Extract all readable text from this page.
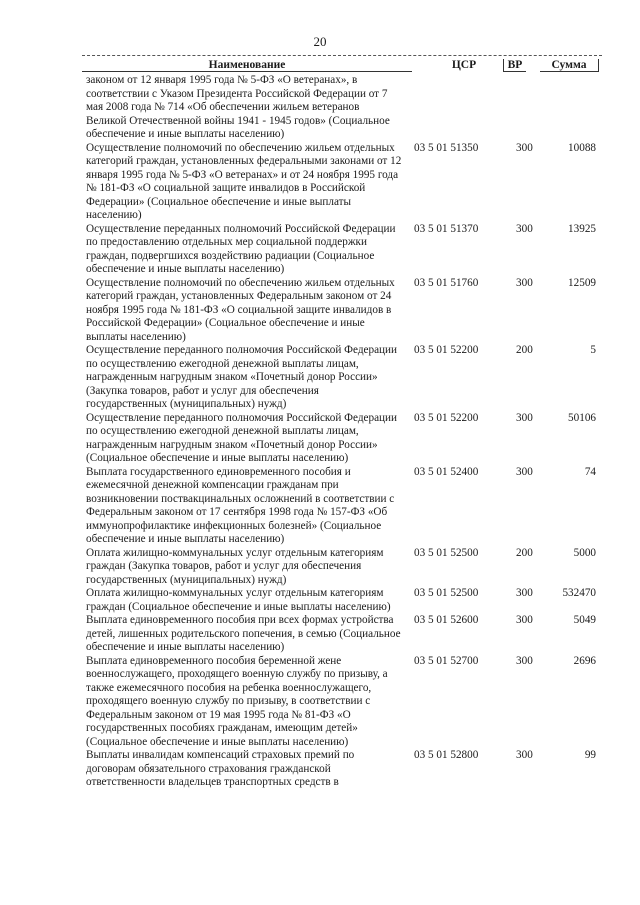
20
Наименование	ЦСР	ВР	Сумма
законом от 12 января 1995 года № 5-ФЗ «О ветеранах», в соответствии с Указом Президента Российской Федерации от 7 мая 2008 года № 714 «Об обеспечении жильем ветеранов Великой Отечественной войны 1941 - 1945 годов» (Социальное обеспечение и иные выплаты населению)
Осуществление полномочий по обеспечению жильем отдельных категорий граждан, установленных федеральными законами от 12 января 1995 года № 5-ФЗ «О ветеранах» и от 24 ноября 1995 года № 181-ФЗ «О социальной защите инвалидов в Российской Федерации» (Социальное обеспечение и иные выплаты населению)
03 5 01 51350	300	10088
Осуществление переданных полномочий Российской Федерации по предоставлению отдельных мер социальной поддержки граждан, подвергшихся воздействию радиации (Социальное обеспечение и иные выплаты населению)
03 5 01 51370	300	13925
Осуществление полномочий по обеспечению жильем отдельных категорий граждан, установленных Федеральным законом от 24 ноября 1995 года № 181-ФЗ «О социальной защите инвалидов в Российской Федерации» (Социальное обеспечение и иные выплаты населению)
03 5 01 51760	300	12509
Осуществление переданного полномочия Российской Федерации по осуществлению ежегодной денежной выплаты лицам, награжденным нагрудным знаком «Почетный донор России» (Закупка товаров, работ и услуг для обеспечения государственных (муниципальных) нужд)
03 5 01 52200	200	5
Осуществление переданного полномочия Российской Федерации по осуществлению ежегодной денежной выплаты лицам, награжденным нагрудным знаком «Почетный донор России» (Социальное обеспечение и иные выплаты населению)
03 5 01 52200	300	50106
Выплата государственного единовременного пособия и ежемесячной денежной компенсации гражданам при возникновении поствакцинальных осложнений в соответствии с Федеральным законом от 17 сентября 1998 года № 157-ФЗ «Об иммунопрофилактике инфекционных болезней» (Социальное обеспечение и иные выплаты населению)
03 5 01 52400	300	74
Оплата жилищно-коммунальных услуг отдельным категориям граждан (Закупка товаров, работ и услуг для обеспечения государственных (муниципальных) нужд)
03 5 01 52500	200	5000
Оплата жилищно-коммунальных услуг отдельным категориям граждан (Социальное обеспечение и иные выплаты населению)
03 5 01 52500	300	532470
Выплата единовременного пособия при всех формах устройства детей, лишенных родительского попечения, в семью (Социальное обеспечение и иные выплаты населению)
03 5 01 52600	300	5049
Выплата единовременного пособия беременной жене военнослужащего, проходящего военную службу по призыву, а также ежемесячного пособия на ребенка военнослужащего, проходящего военную службу по призыву, в соответствии с Федеральным законом от 19 мая 1995 года № 81-ФЗ «О государственных пособиях гражданам, имеющим детей» (Социальное обеспечение и иные выплаты населению)
03 5 01 52700	300	2696
Выплаты инвалидам компенсаций страховых премий по договорам обязательного страхования гражданской ответственности владельцев транспортных средств в
03 5 01 52800	300	99
